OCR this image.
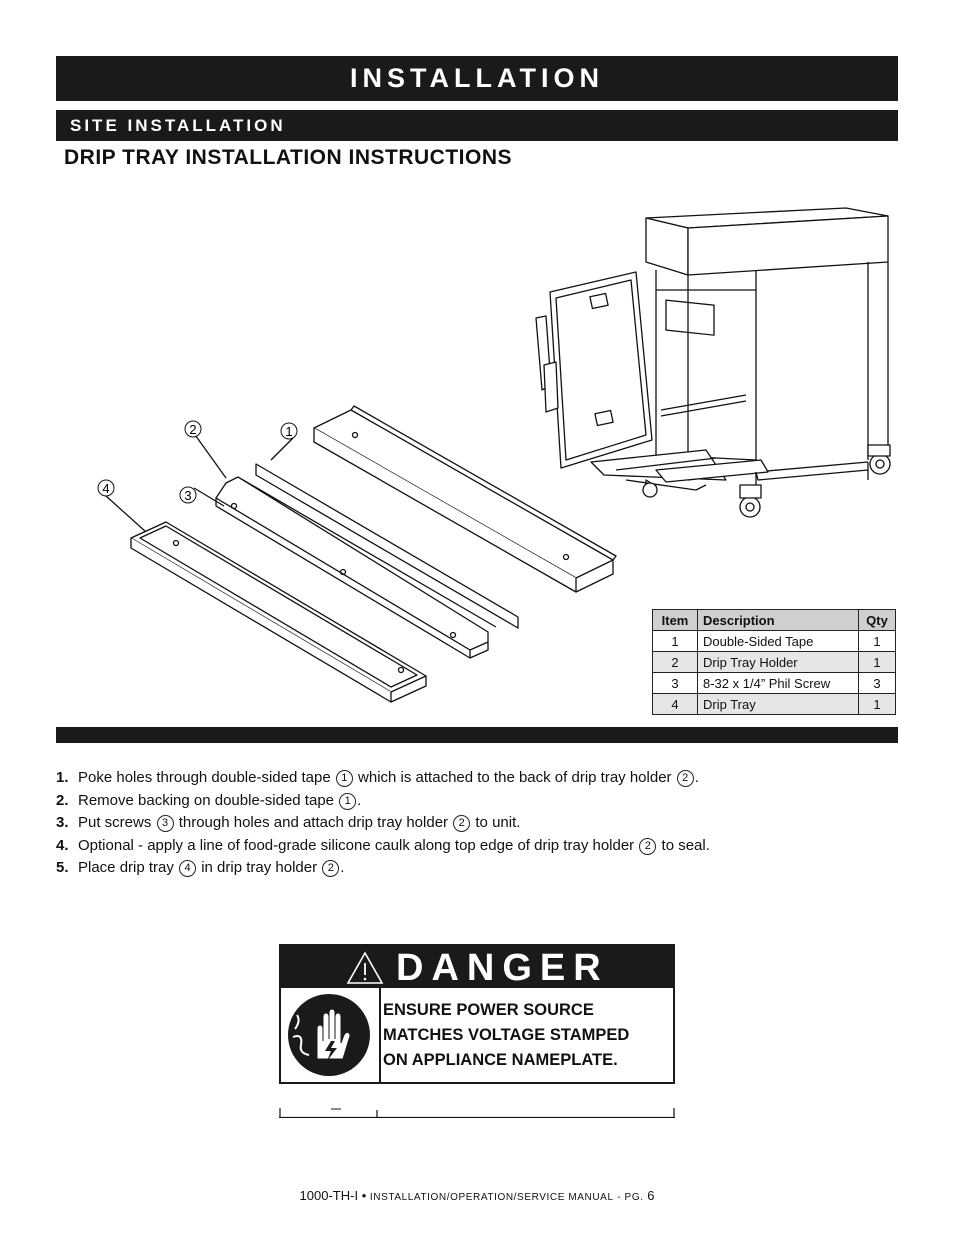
INSTALLATION
SITE INSTALLATION
DRIP TRAY INSTALLATION INSTRUCTIONS
1
2
3
4
Item	Description	Qty
1	Double-Sided Tape	1
2	Drip Tray Holder	1
3	8-32 x 1/4” Phil Screw	3
4	Drip Tray	1
1. Poke holes through double-sided tape 1 which is attached to the back of drip tray holder 2 .
2. Remove backing on double-sided tape 1 .
3. Put screws 3 through holes and attach drip tray holder 2 to unit.
4. Optional - apply a line of food-grade silicone caulk along top edge of drip tray holder 2 to seal.
5. Place drip tray 4 in drip tray holder 2 .
DANGER
ENSURE POWER SOURCE
MATCHES VOLTAGE STAMPED
ON APPLIANCE NAMEPLATE.
1000-TH-I • INSTALLATION/OPERATION/SERVICE MANUAL - PG. 6
